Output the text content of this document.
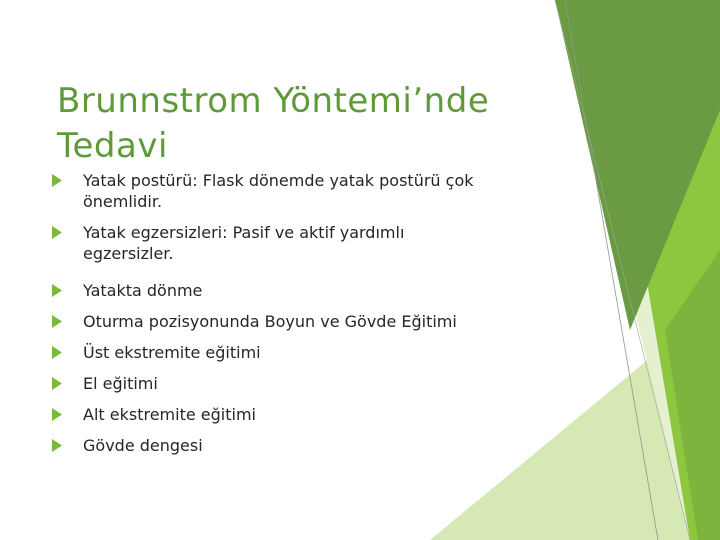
Brunnstrom Yöntemi’nde
Tedavi
Yatak postürü: Flask dönemde yatak postürü çok
önemlidir.
Yatak egzersizleri: Pasif ve aktif yardımlı
egzersizler.
Yatakta dönme
Oturma pozisyonunda Boyun ve Gövde Eğitimi
Üst ekstremite eğitimi
El eğitimi
Alt ekstremite eğitimi
Gövde dengesi
